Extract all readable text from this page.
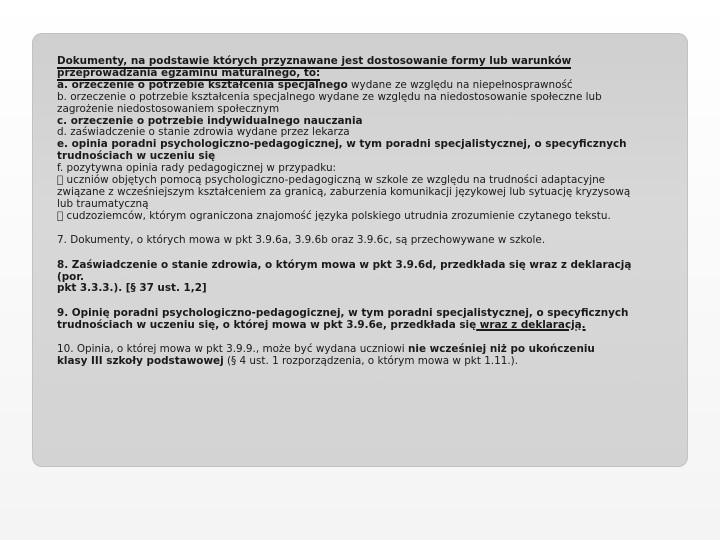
Dokumenty, na podstawie których przyznawane jest dostosowanie formy lub warunków
przeprowadzania egzaminu maturalnego, to:
a. orzeczenie o potrzebie kształcenia specjalnego wydane ze względu na niepełnosprawność
b. orzeczenie o potrzebie kształcenia specjalnego wydane ze względu na niedostosowanie społeczne lub
zagrożenie niedostosowaniem społecznym
c. orzeczenie o potrzebie indywidualnego nauczania
d. zaświadczenie o stanie zdrowia wydane przez lekarza
e. opinia poradni psychologiczno-pedagogicznej, w tym poradni specjalistycznej, o specyficznych
trudnościach w uczeniu się
f. pozytywna opinia rady pedagogicznej w przypadku:
uczniów objętych pomocą psychologiczno-pedagogiczną w szkole ze względu na trudności adaptacyjne
związane z wcześniejszym kształceniem za granicą, zaburzenia komunikacji językowej lub sytuację kryzysową
lub traumatyczną
cudzoziemców, którym ograniczona znajomość języka polskiego utrudnia zrozumienie czytanego tekstu.
7. Dokumenty, o których mowa w pkt 3.9.6a, 3.9.6b oraz 3.9.6c, są przechowywane w szkole.
8. Zaświadczenie o stanie zdrowia, o którym mowa w pkt 3.9.6d, przedkłada się wraz z deklaracją
(por.
pkt 3.3.3.). [§ 37 ust. 1,2]
9. Opinię poradni psychologiczno-pedagogicznej, w tym poradni specjalistycznej, o specyficznych
trudnościach w uczeniu się, o której mowa w pkt 3.9.6e, przedkłada się wraz z deklaracją.
10. Opinia, o której mowa w pkt 3.9.9., może być wydana uczniowi nie wcześniej niż po ukończeniu
klasy III szkoły podstawowej (§ 4 ust. 1 rozporządzenia, o którym mowa w pkt 1.11.).
